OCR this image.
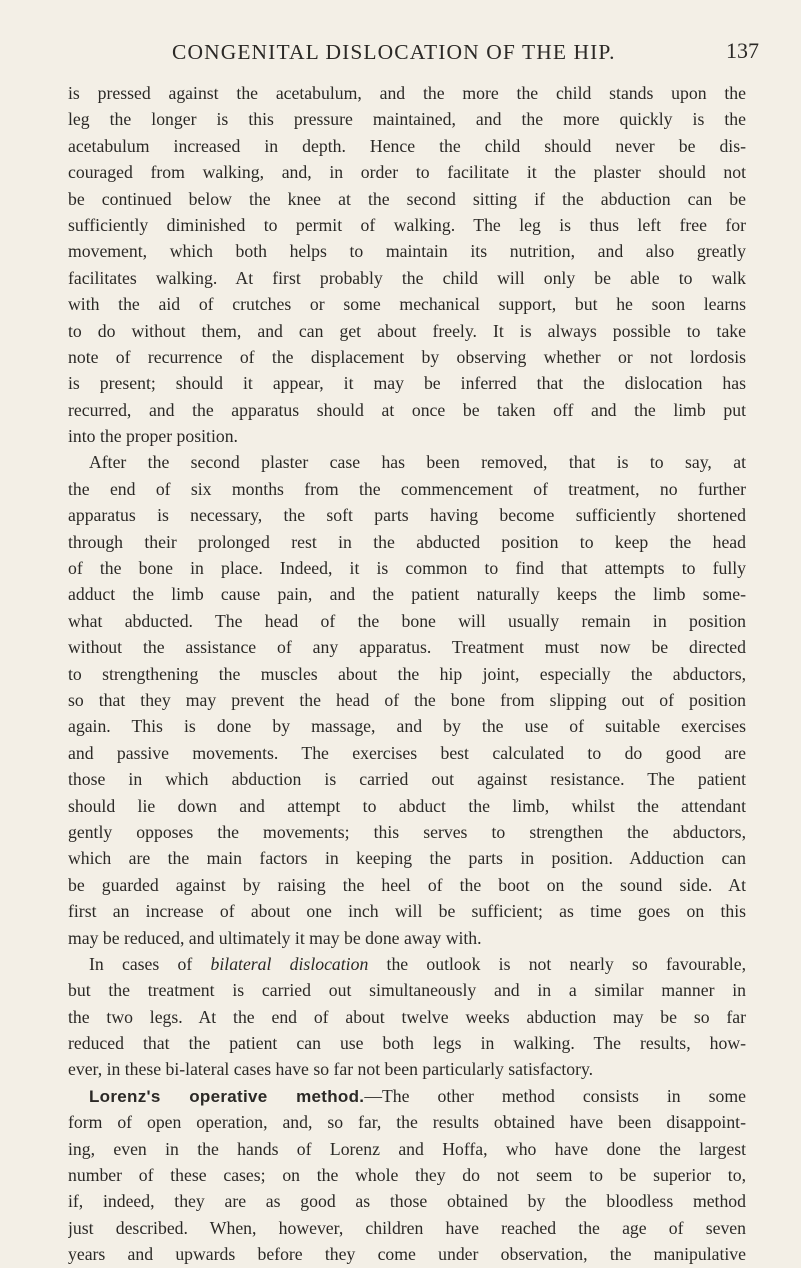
CONGENITAL DISLOCATION OF THE HIP.	137
is pressed against the acetabulum, and the more the child stands upon the
leg the longer is this pressure maintained, and the more quickly is the
acetabulum increased in depth. Hence the child should never be dis-
couraged from walking, and, in order to facilitate it the plaster should not
be continued below the knee at the second sitting if the abduction can be
sufficiently diminished to permit of walking. The leg is thus left free for
movement, which both helps to maintain its nutrition, and also greatly
facilitates walking. At first probably the child will only be able to walk
with the aid of crutches or some mechanical support, but he soon learns
to do without them, and can get about freely. It is always possible to take
note of recurrence of the displacement by observing whether or not lordosis
is present; should it appear, it may be inferred that the dislocation has
recurred, and the apparatus should at once be taken off and the limb put
into the proper position.
After the second plaster case has been removed, that is to say, at
the end of six months from the commencement of treatment, no further
apparatus is necessary, the soft parts having become sufficiently shortened
through their prolonged rest in the abducted position to keep the head
of the bone in place. Indeed, it is common to find that attempts to fully
adduct the limb cause pain, and the patient naturally keeps the limb some-
what abducted. The head of the bone will usually remain in position
without the assistance of any apparatus. Treatment must now be directed
to strengthening the muscles about the hip joint, especially the abductors,
so that they may prevent the head of the bone from slipping out of position
again. This is done by massage, and by the use of suitable exercises
and passive movements. The exercises best calculated to do good are
those in which abduction is carried out against resistance. The patient
should lie down and attempt to abduct the limb, whilst the attendant
gently opposes the movements; this serves to strengthen the abductors,
which are the main factors in keeping the parts in position. Adduction can
be guarded against by raising the heel of the boot on the sound side. At
first an increase of about one inch will be sufficient; as time goes on this
may be reduced, and ultimately it may be done away with.
In cases of bilateral dislocation the outlook is not nearly so favourable,
but the treatment is carried out simultaneously and in a similar manner in
the two legs. At the end of about twelve weeks abduction may be so far
reduced that the patient can use both legs in walking. The results, how-
ever, in these bi-lateral cases have so far not been particularly satisfactory.
Lorenz's operative method.—The other method consists in some
form of open operation, and, so far, the results obtained have been disappoint-
ing, even in the hands of Lorenz and Hoffa, who have done the largest
number of these cases; on the whole they do not seem to be superior to,
if, indeed, they are as good as those obtained by the bloodless method
just described. When, however, children have reached the age of seven
years and upwards before they come under observation, the manipulative
